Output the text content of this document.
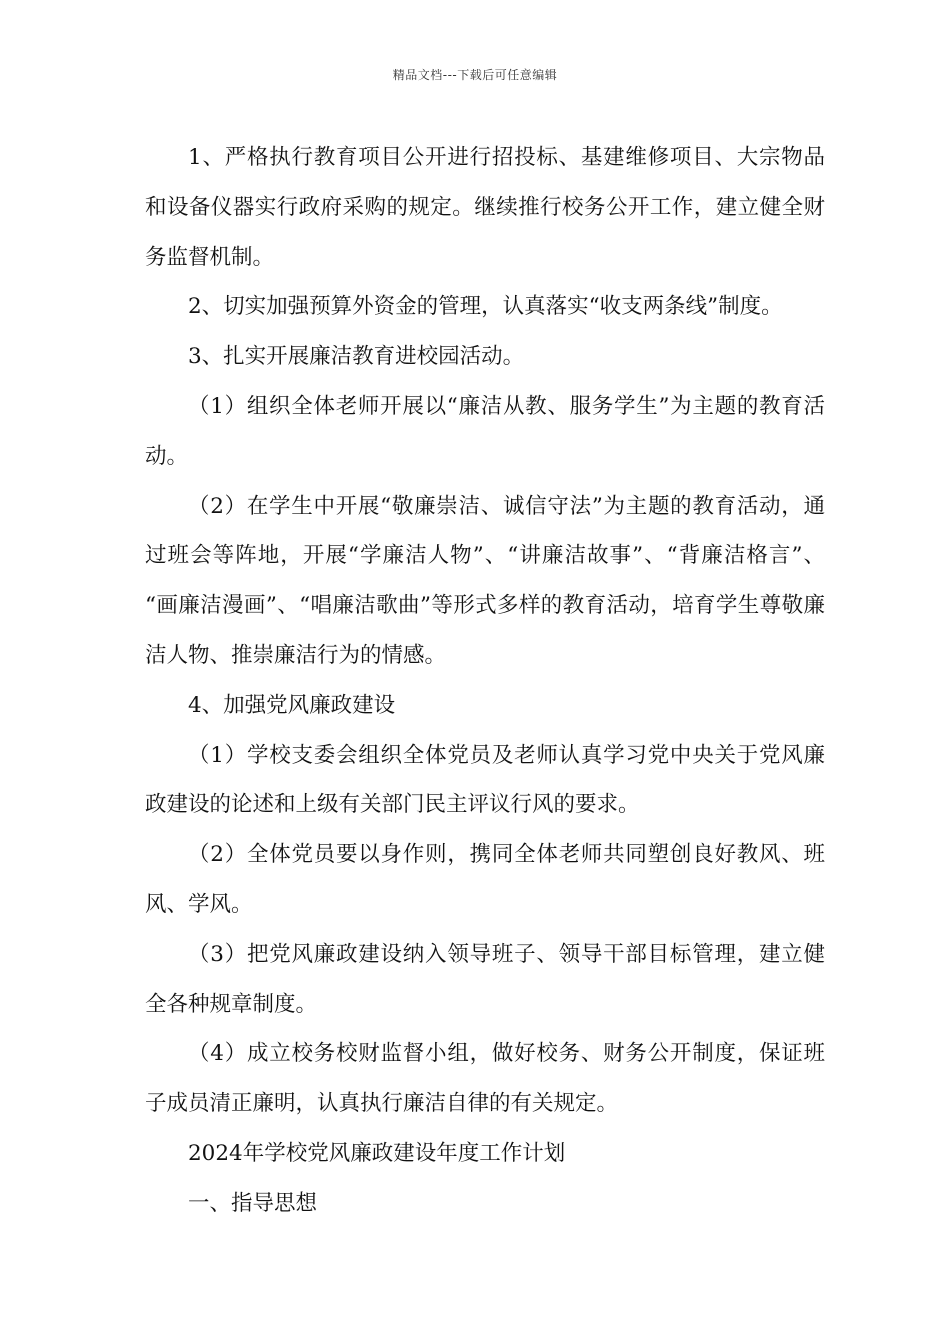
精品文档---下载后可任意编辑

1、严格执行教育项目公开进行招投标、基建维修项目、大宗物品和设备仪器实行政府采购的规定。继续推行校务公开工作，建立健全财务监督机制。

2、切实加强预算外资金的管理，认真落实“收支两条线”制度。

3、扎实开展廉洁教育进校园活动。

（1）组织全体老师开展以“廉洁从教、服务学生”为主题的教育活动。

（2）在学生中开展“敬廉崇洁、诚信守法”为主题的教育活动，通过班会等阵地，开展“学廉洁人物”、“讲廉洁故事”、“背廉洁格言”、 “画廉洁漫画”、“唱廉洁歌曲”等形式多样的教育活动，培育学生尊敬廉洁人物、推崇廉洁行为的情感。

4、加强党风廉政建设

（1）学校支委会组织全体党员及老师认真学习党中央关于党风廉政建设的论述和上级有关部门民主评议行风的要求。

（2）全体党员要以身作则，携同全体老师共同塑创良好教风、班风、学风。

（3）把党风廉政建设纳入领导班子、领导干部目标管理，建立健全各种规章制度。

（4）成立校务校财监督小组，做好校务、财务公开制度，保证班子成员清正廉明，认真执行廉洁自律的有关规定。

2024年学校党风廉政建设年度工作计划

一、指导思想
